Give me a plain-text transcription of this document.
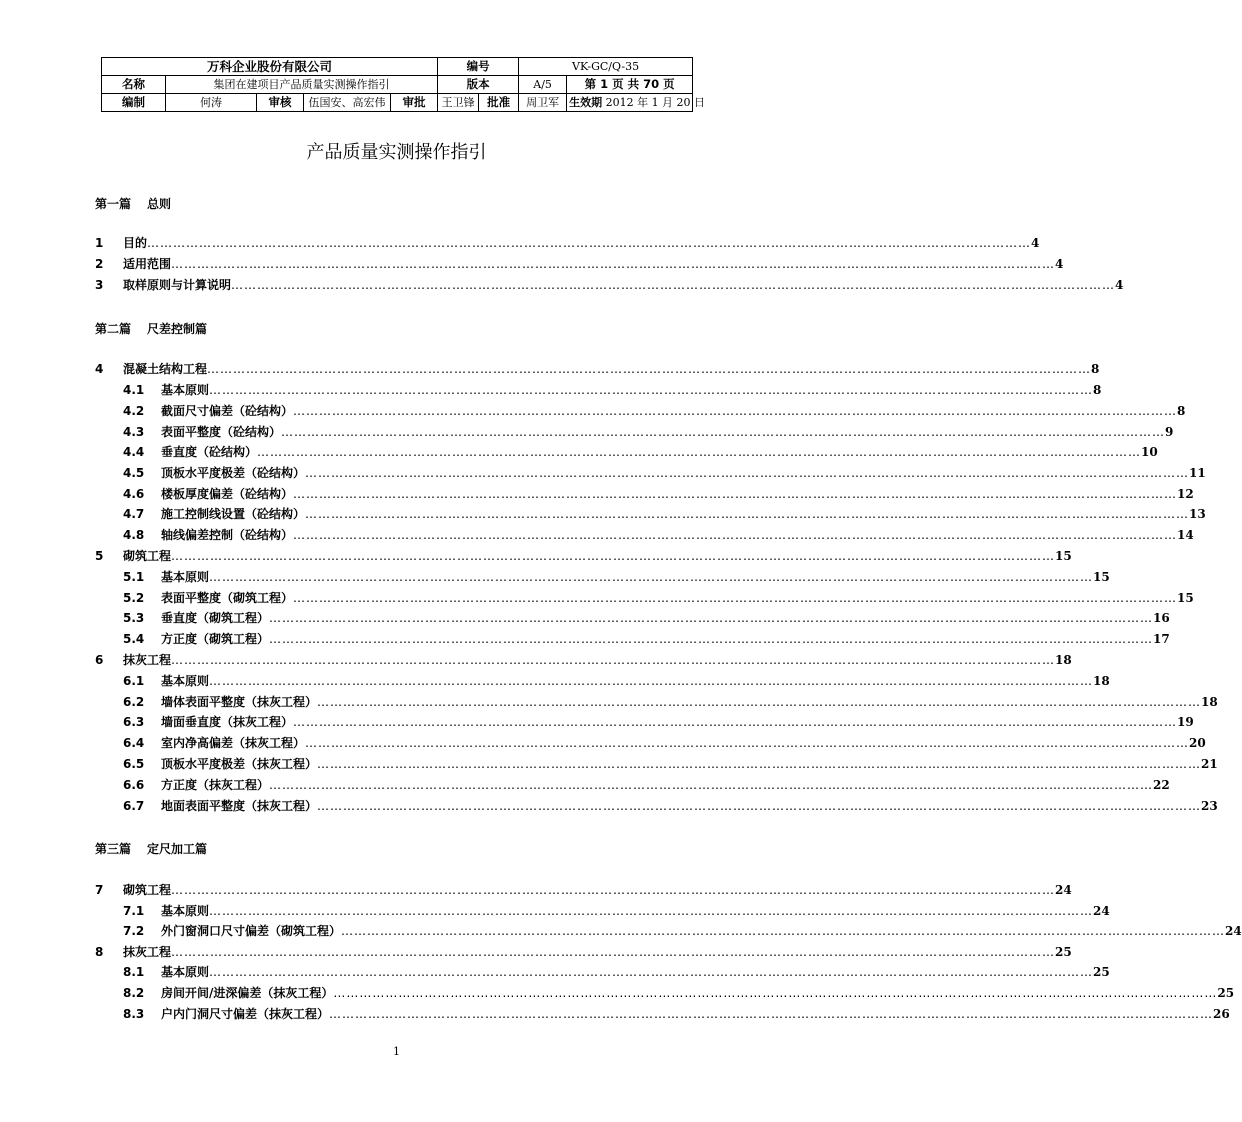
万科企业股份有限公司					编号		VK-GC/Q-35	
名称	集团在建项目产品质量实测操作指引				版本		A/5	第 1 页 共 70 页
编制	何涛	审核	伍国安、高宏伟	审批	王卫锋	批准	周卫军	生效期 2012 年 1 月 20 日
产品质量实测操作指引
第一篇 总则
第二篇 尺差控制篇
第三篇 定尺加工篇
1	目的 ……………………………………………………………………………………………………………………………………………………………………………………	4
2	适用范围 ……………………………………………………………………………………………………………………………………………………………………………………	4
3	取样原则与计算说明 ……………………………………………………………………………………………………………………………………………………………………………………	4
4	混凝土结构工程 ……………………………………………………………………………………………………………………………………………………………………………………	8
4.1	基本原则 ……………………………………………………………………………………………………………………………………………………………………………………	8
4.2	截面尺寸偏差（砼结构） ……………………………………………………………………………………………………………………………………………………………………………………	8
4.3	表面平整度（砼结构） ……………………………………………………………………………………………………………………………………………………………………………………	9
4.4	垂直度（砼结构） ……………………………………………………………………………………………………………………………………………………………………………………	10
4.5	顶板水平度极差（砼结构） ……………………………………………………………………………………………………………………………………………………………………………………	11
4.6	楼板厚度偏差（砼结构） ……………………………………………………………………………………………………………………………………………………………………………………	12
4.7	施工控制线设置（砼结构） ……………………………………………………………………………………………………………………………………………………………………………………	13
4.8	轴线偏差控制（砼结构） ……………………………………………………………………………………………………………………………………………………………………………………	14
5	砌筑工程 ……………………………………………………………………………………………………………………………………………………………………………………	15
5.1	基本原则 ……………………………………………………………………………………………………………………………………………………………………………………	15
5.2	表面平整度（砌筑工程） ……………………………………………………………………………………………………………………………………………………………………………………	15
5.3	垂直度（砌筑工程） ……………………………………………………………………………………………………………………………………………………………………………………	16
5.4	方正度（砌筑工程） ……………………………………………………………………………………………………………………………………………………………………………………	17
6	抹灰工程 ……………………………………………………………………………………………………………………………………………………………………………………	18
6.1	基本原则 ……………………………………………………………………………………………………………………………………………………………………………………	18
6.2	墙体表面平整度（抹灰工程） ……………………………………………………………………………………………………………………………………………………………………………………	18
6.3	墙面垂直度（抹灰工程） ……………………………………………………………………………………………………………………………………………………………………………………	19
6.4	室内净高偏差（抹灰工程） ……………………………………………………………………………………………………………………………………………………………………………………	20
6.5	顶板水平度极差（抹灰工程） ……………………………………………………………………………………………………………………………………………………………………………………	21
6.6	方正度（抹灰工程） ……………………………………………………………………………………………………………………………………………………………………………………	22
6.7	地面表面平整度（抹灰工程） ……………………………………………………………………………………………………………………………………………………………………………………	23
7	砌筑工程 ……………………………………………………………………………………………………………………………………………………………………………………	24
7.1	基本原则 ……………………………………………………………………………………………………………………………………………………………………………………	24
7.2	外门窗洞口尺寸偏差（砌筑工程） ……………………………………………………………………………………………………………………………………………………………………………………	24
8	抹灰工程 ……………………………………………………………………………………………………………………………………………………………………………………	25
8.1	基本原则 ……………………………………………………………………………………………………………………………………………………………………………………	25
8.2	房间开间/进深偏差（抹灰工程） ……………………………………………………………………………………………………………………………………………………………………………………	25
8.3	户内门洞尺寸偏差（抹灰工程） ……………………………………………………………………………………………………………………………………………………………………………………	26
1
